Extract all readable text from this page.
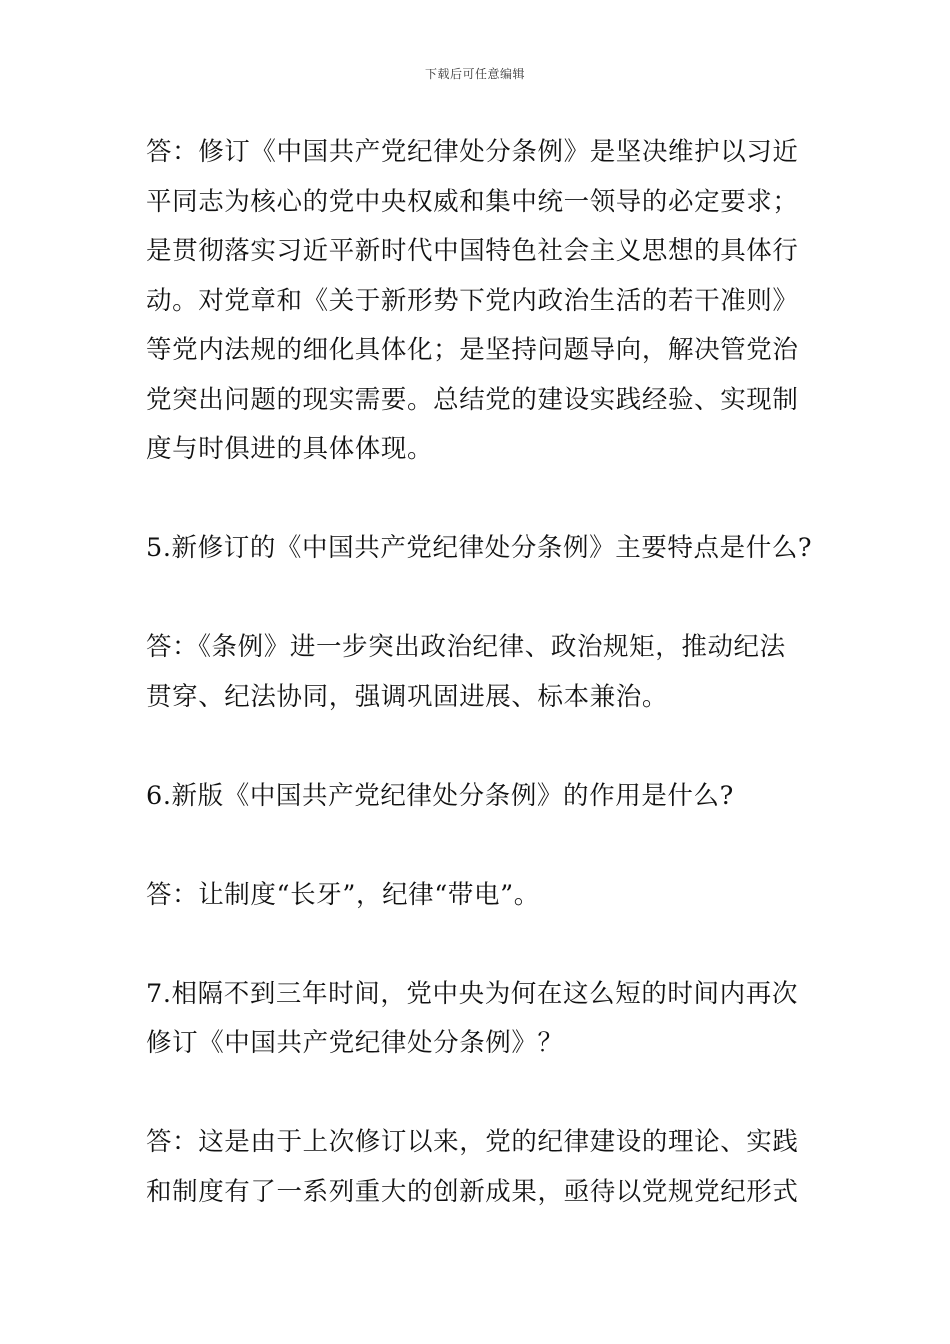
下载后可任意编辑

答：修订《中国共产党纪律处分条例》是坚决维护以习近
平同志为核心的党中央权威和集中统一领导的必定要求；
是贯彻落实习近平新时代中国特色社会主义思想的具体行
动。对党章和《关于新形势下党内政治生活的若干准则》
等党内法规的细化具体化；是坚持问题导向，解决管党治
党突出问题的现实需要。总结党的建设实践经验、实现制
度与时俱进的具体体现。

5.新修订的《中国共产党纪律处分条例》主要特点是什么?

答：《条例》进一步突出政治纪律、政治规矩，推动纪法
贯穿、纪法协同，强调巩固进展、标本兼治。

6.新版《中国共产党纪律处分条例》的作用是什么?

答：让制度“长牙”，纪律“带电”。

7.相隔不到三年时间，党中央为何在这么短的时间内再次
修订《中国共产党纪律处分条例》？

答：这是由于上次修订以来，党的纪律建设的理论、实践
和制度有了一系列重大的创新成果，亟待以党规党纪形式
